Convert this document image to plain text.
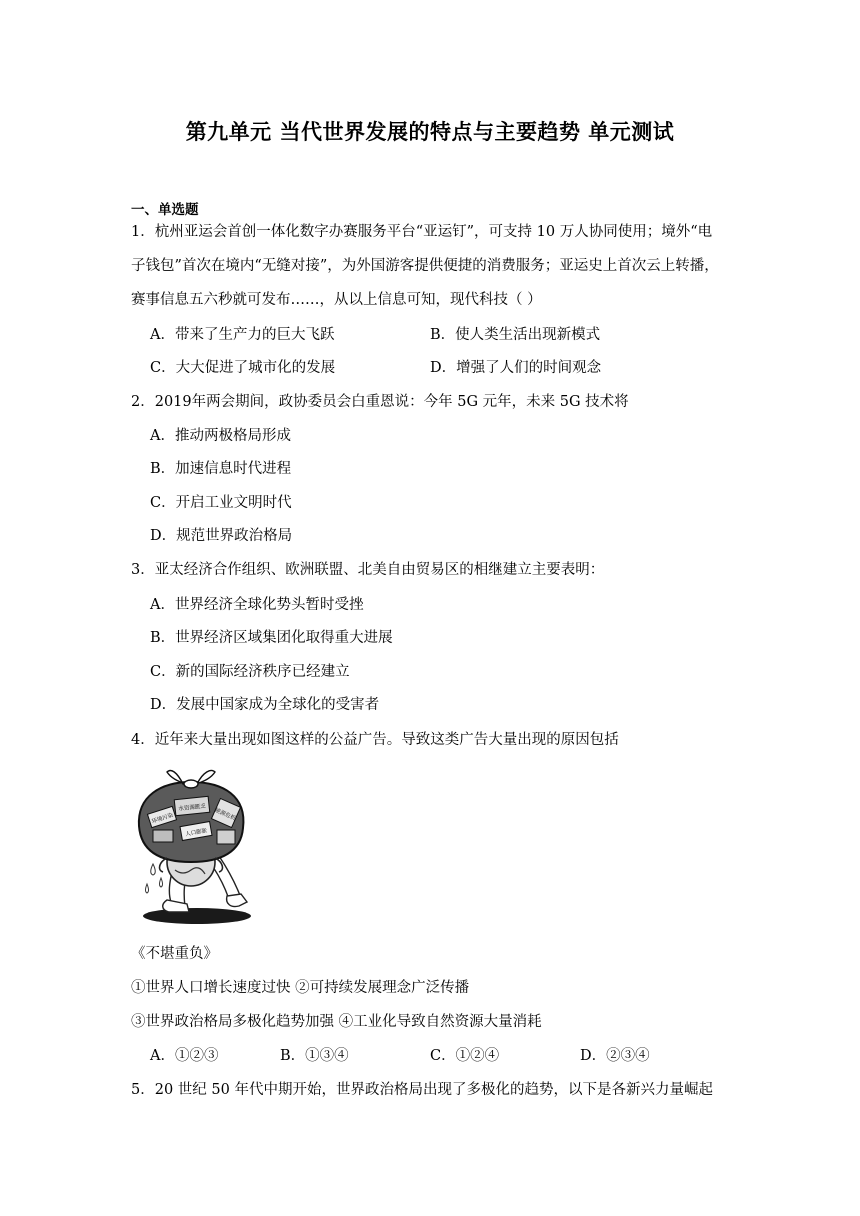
第九单元 当代世界发展的特点与主要趋势 单元测试
一、单选题
1．杭州亚运会首创一体化数字办赛服务平台“亚运钉”，可支持 10 万人协同使用；境外“电
子钱包”首次在境内“无缝对接”，为外国游客提供便捷的消费服务；亚运史上首次云上转播，
赛事信息五六秒就可发布……，从以上信息可知，现代科技（ ）
A．带来了生产力的巨大飞跃	B．使人类生活出现新模式
C．大大促进了城市化的发展	D．增强了人们的时间观念
2．2019年两会期间，政协委员会白重恩说：今年 5G 元年，未来 5G 技术将
A．推动两极格局形成
B．加速信息时代进程
C．开启工业文明时代
D．规范世界政治格局
3．亚太经济合作组织、欧洲联盟、北美自由贸易区的相继建立主要表明：
A．世界经济全球化势头暂时受挫
B．世界经济区域集团化取得重大进展
C．新的国际经济秩序已经建立
D．发展中国家成为全球化的受害者
4．近年来大量出现如图这样的公益广告。导致这类广告大量出现的原因包括
环境污染
水资源匮乏
人口膨胀
能源危机
《不堪重负》
①世界人口增长速度过快 ②可持续发展理念广泛传播
③世界政治格局多极化趋势加强 ④工业化导致自然资源大量消耗
A．①②③	B．①③④	C．①②④	D．②③④
5．20 世纪 50 年代中期开始，世界政治格局出现了多极化的趋势，以下是各新兴力量崛起
